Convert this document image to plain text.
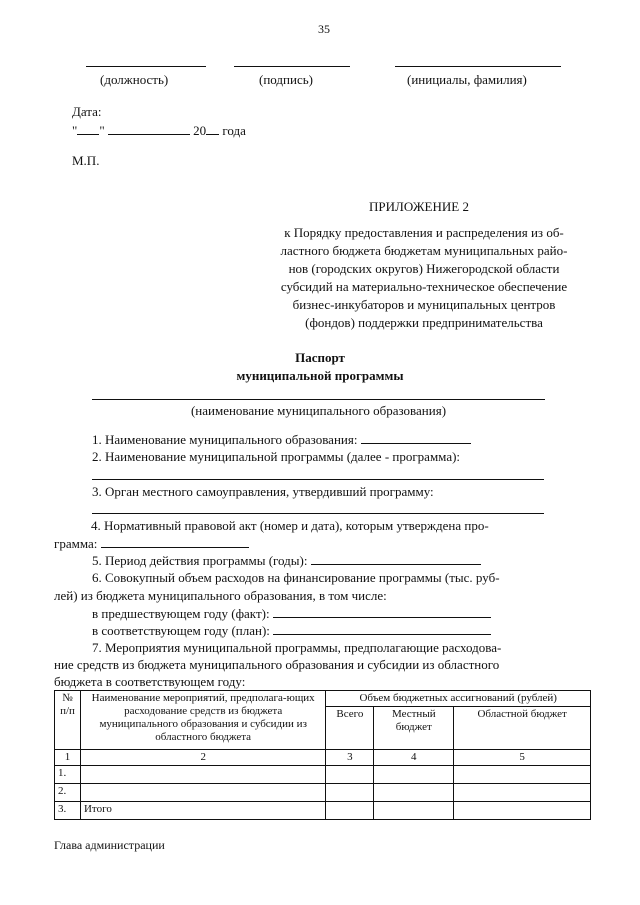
35
(должность)	(подпись)	(инициалы, фамилия)
Дата:
" "	20 года
М.П.
ПРИЛОЖЕНИЕ 2
к Порядку предоставления и распределения из об-
ластного бюджета бюджетам муниципальных райо-
нов (городских округов) Нижегородской области
субсидий на материально-техническое обеспечение
бизнес-инкубаторов и муниципальных центров
(фондов) поддержки предпринимательства
Паспорт
муниципальной программы
(наименование муниципального образования)
1. Наименование муниципального образования:
2. Наименование муниципальной программы (далее - программа):
3. Орган местного самоуправления, утвердивший программу:
4. Нормативный правовой акт (номер и дата), которым утверждена про-
грамма:
5. Период действия программы (годы):
6. Совокупный объем расходов на финансирование программы (тыс. руб-
лей) из бюджета муниципального образования, в том числе:
в предшествующем году (факт):
в соответствующем году (план):
7. Мероприятия муниципальной программы, предполагающие расходова-
ние средств из бюджета муниципального образования и субсидии из областного
бюджета в соответствующем году:
№ п/п	Наименование мероприятий, предполага-ющих расходование средств из бюджета муниципального образования и субсидии из областного бюджета	Объем бюджетных ассигнований (рублей)		
		Всего	Местный бюджет	Областной бюджет
1	2	3	4	5
1.				
2.				
3.	Итого			
Глава администрации
